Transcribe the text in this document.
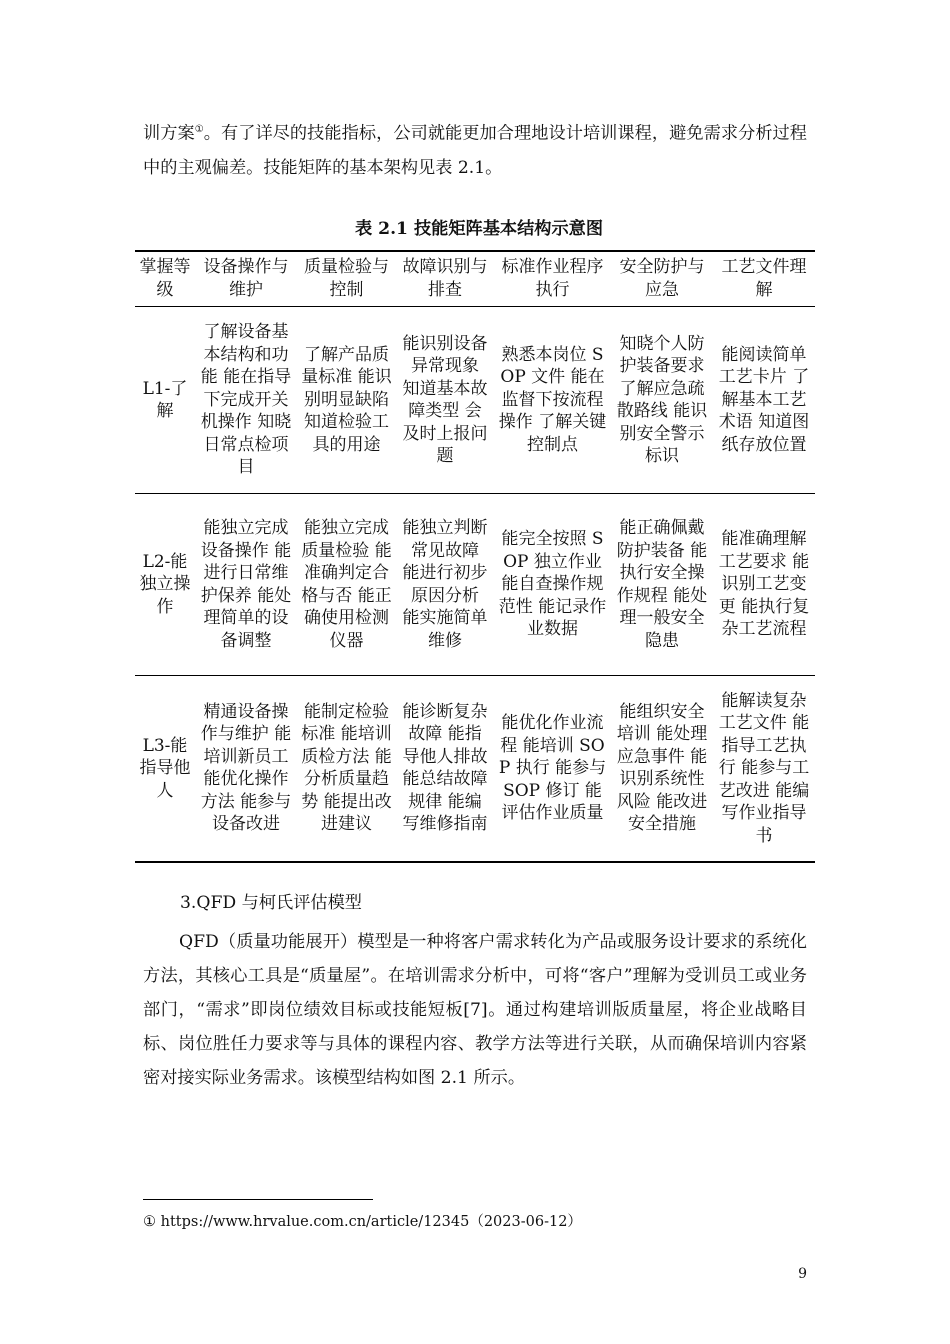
训方案①。有了详尽的技能指标，公司就能更加合理地设计培训课程，避免需求分析过程中的主观偏差。技能矩阵的基本架构见表 2.1。

表 2.1 技能矩阵基本结构示意图
掌握等级	设备操作与维护	质量检验与控制	故障识别与排查	标准作业程序执行	安全防护与应急	工艺文件理解
L1-了解	了解设备基本结构和功能 能在指导下完成开关机操作 知晓日常点检项目	了解产品质量标准 能识别明显缺陷 知道检验工具的用途	能识别设备异常现象 知道基本故障类型 会及时上报问题	熟悉本岗位 SOP 文件 能在监督下按流程操作 了解关键控制点	知晓个人防护装备要求 了解应急疏散路线 能识别安全警示标识	能阅读简单工艺卡片 了解基本工艺术语 知道图纸存放位置
L2-能独立操作	能独立完成设备操作 能进行日常维护保养 能处理简单的设备调整	能独立完成质量检验 能准确判定合格与否 能正确使用检测仪器	能独立判断常见故障 能进行初步原因分析 能实施简单维修	能完全按照 SOP 独立作业 能自查操作规范性 能记录作业数据	能正确佩戴防护装备 能执行安全操作规程 能处理一般安全隐患	能准确理解工艺要求 能识别工艺变更 能执行复杂工艺流程
L3-能指导他人	精通设备操作与维护 能培训新员工 能优化操作方法 能参与设备改进	能制定检验标准 能培训质检方法 能分析质量趋势 能提出改进建议	能诊断复杂故障 能指导他人排故 能总结故障规律 能编写维修指南	能优化作业流程 能培训 SOP 执行 能参与 SOP 修订 能评估作业质量	能组织安全培训 能处理应急事件 能识别系统性风险 能改进安全措施	能解读复杂工艺文件 能指导工艺执行 能参与工艺改进 能编写作业指导书
3.QFD 与柯氏评估模型

QFD（质量功能展开）模型是一种将客户需求转化为产品或服务设计要求的系统化方法，其核心工具是“质量屋”。在培训需求分析中，可将“客户”理解为受训员工或业务部门，“需求”即岗位绩效目标或技能短板[7]。通过构建培训版质量屋，将企业战略目标、岗位胜任力要求等与具体的课程内容、教学方法等进行关联，从而确保培训内容紧密对接实际业务需求。该模型结构如图 2.1 所示。

① https://www.hrvalue.com.cn/article/12345（2023-06-12）
9
